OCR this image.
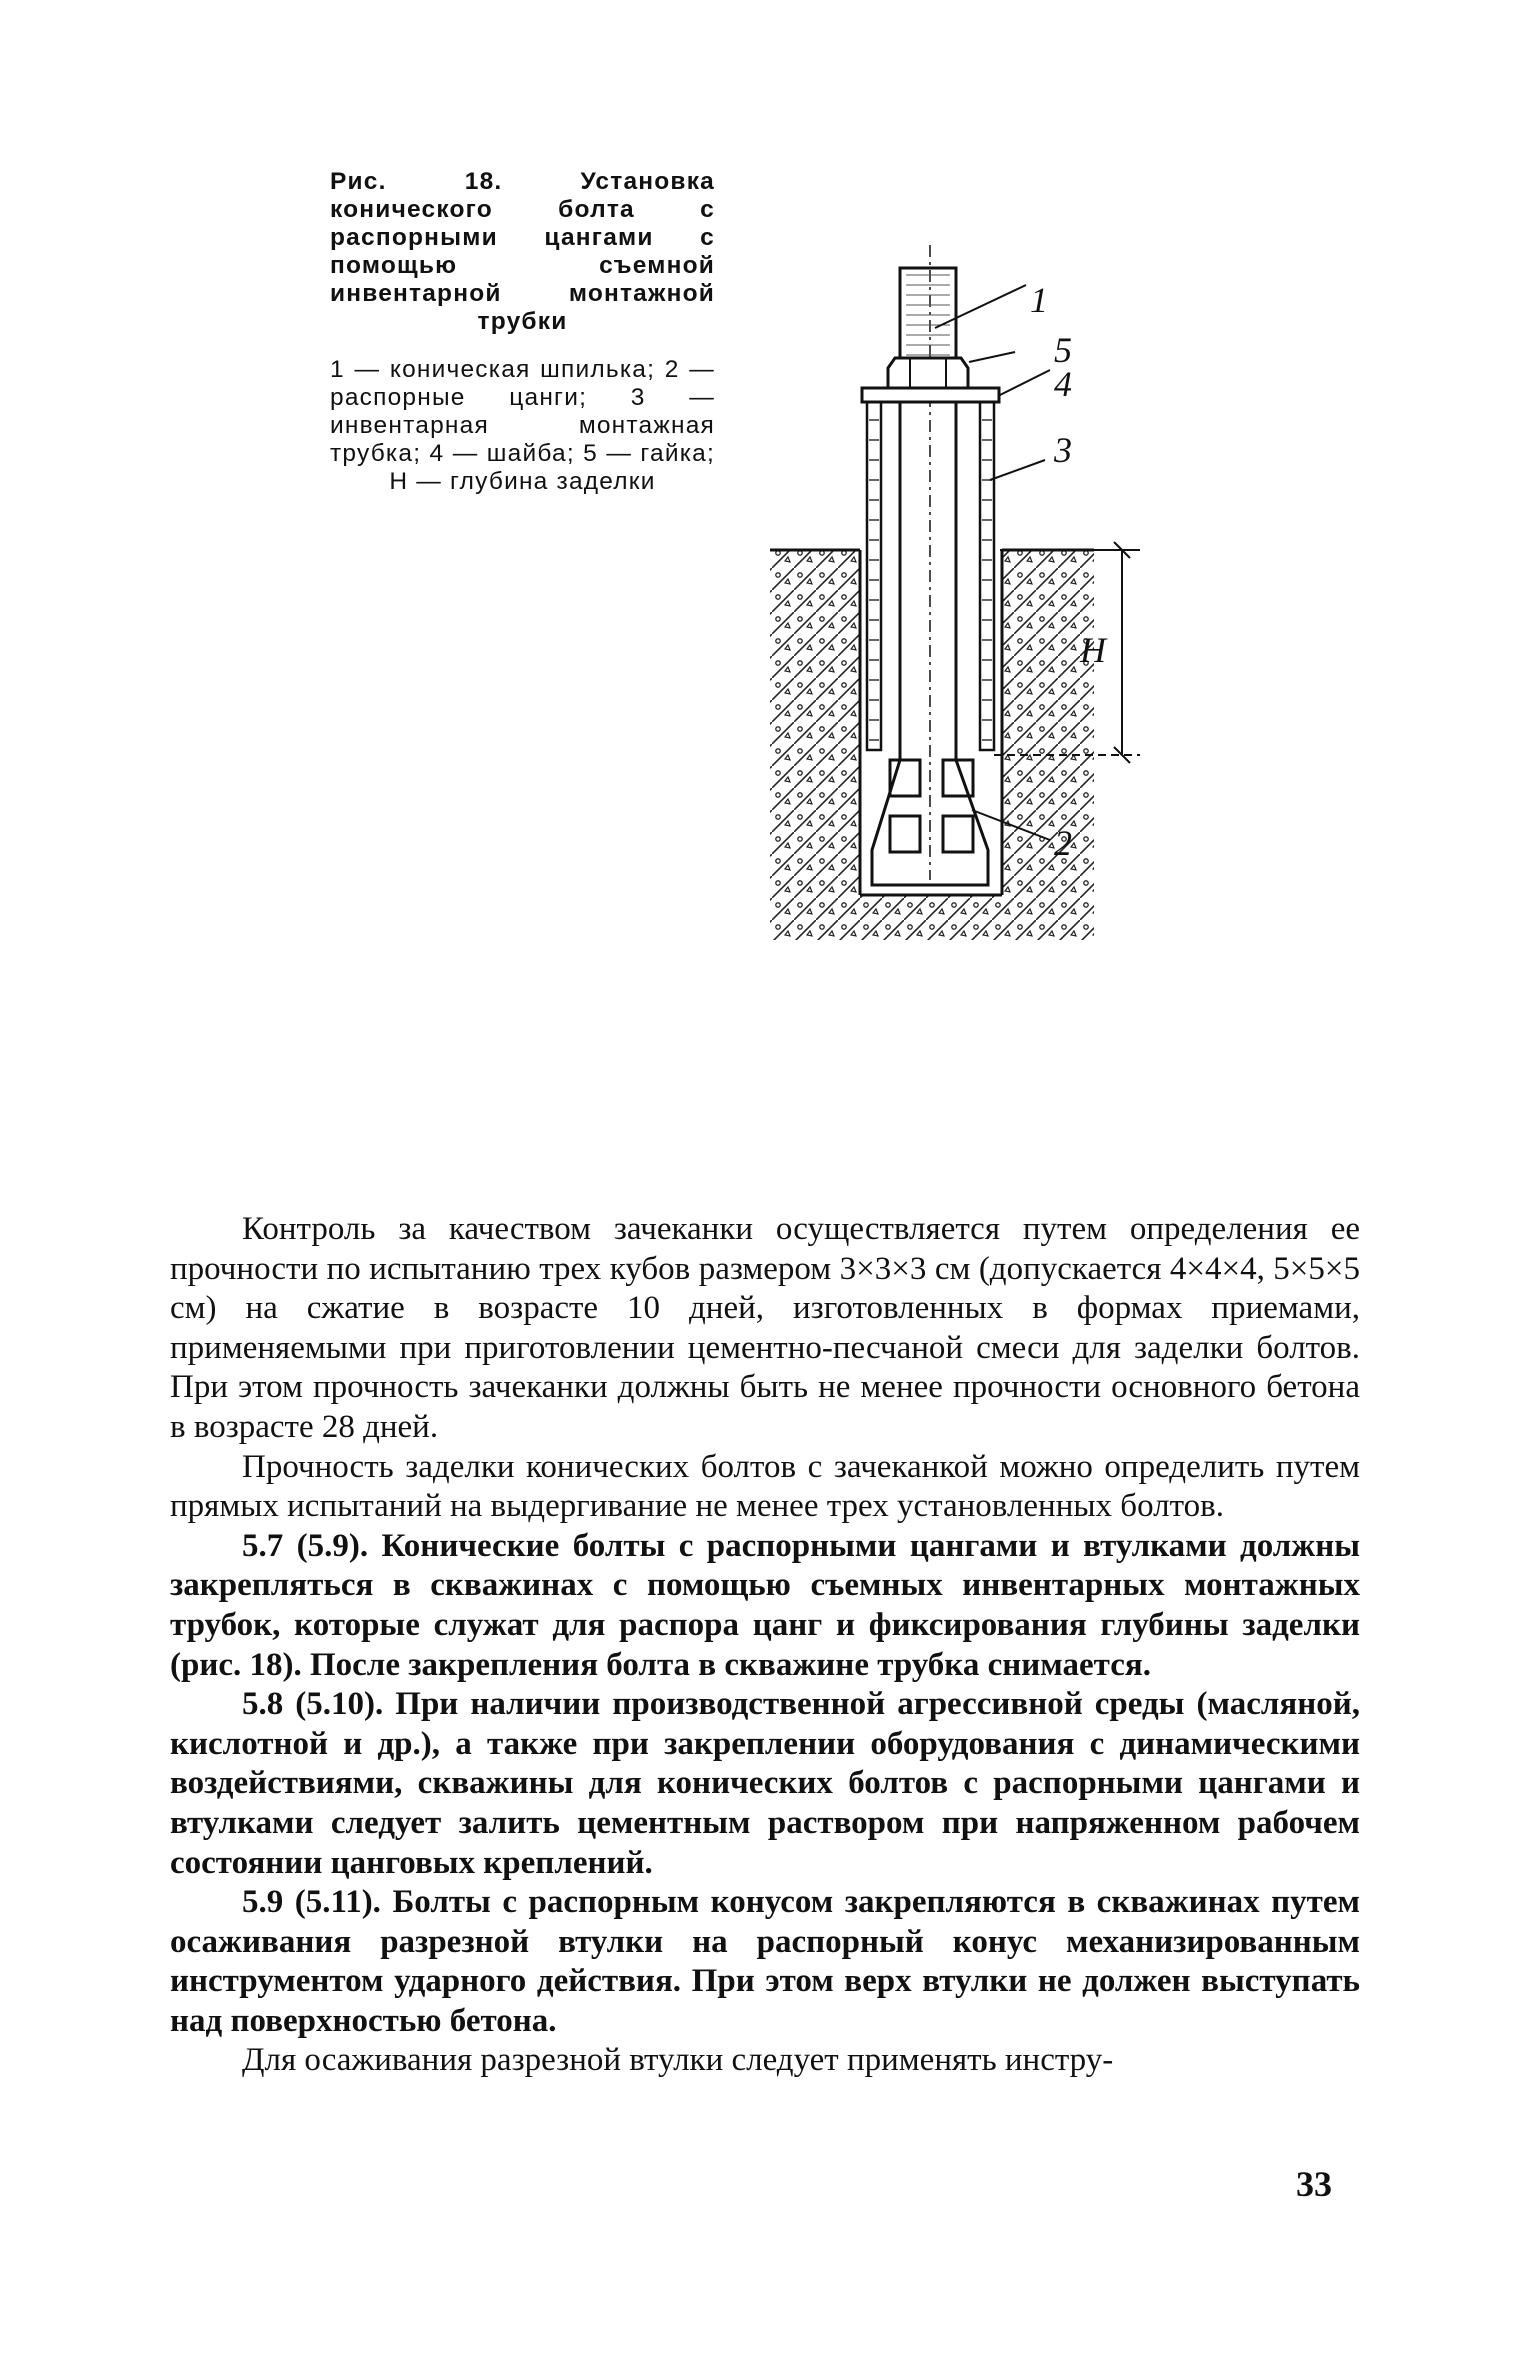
Рис. 18. Установка конического болта с распорными цангами с помощью съемной инвентарной монтажной трубки

1 — коническая шпилька; 2 — распорные цанги; 3 — инвентарная монтажная трубка; 4 — шайба; 5 — гайка; H — глубина заделки

1
5
4
3
2
H

Контроль за качеством зачеканки осуществляется путем определения ее прочности по испытанию трех кубов размером 3×3×3 см (допускается 4×4×4, 5×5×5 см) на сжатие в возрасте 10 дней, изготовленных в формах приемами, применяемыми при приготовлении цементно-песчаной смеси для заделки болтов. При этом прочность зачеканки должны быть не менее прочности основного бетона в возрасте 28 дней.

Прочность заделки конических болтов с зачеканкой можно определить путем прямых испытаний на выдергивание не менее трех установленных болтов.

5.7 (5.9). Конические болты с распорными цангами и втулками должны закрепляться в скважинах с помощью съемных инвентарных монтажных трубок, которые служат для распора цанг и фиксирования глубины заделки (рис. 18). После закрепления болта в скважине трубка снимается.

5.8 (5.10). При наличии производственной агрессивной среды (масляной, кислотной и др.), а также при закреплении оборудования с динамическими воздействиями, скважины для конических болтов с распорными цангами и втулками следует залить цементным раствором при напряженном рабочем состоянии цанговых креплений.

5.9 (5.11). Болты с распорным конусом закрепляются в скважинах путем осаживания разрезной втулки на распорный конус механизированным инструментом ударного действия. При этом верх втулки не должен выступать над поверхностью бетона.

Для осаживания разрезной втулки следует применять инстру-

33
